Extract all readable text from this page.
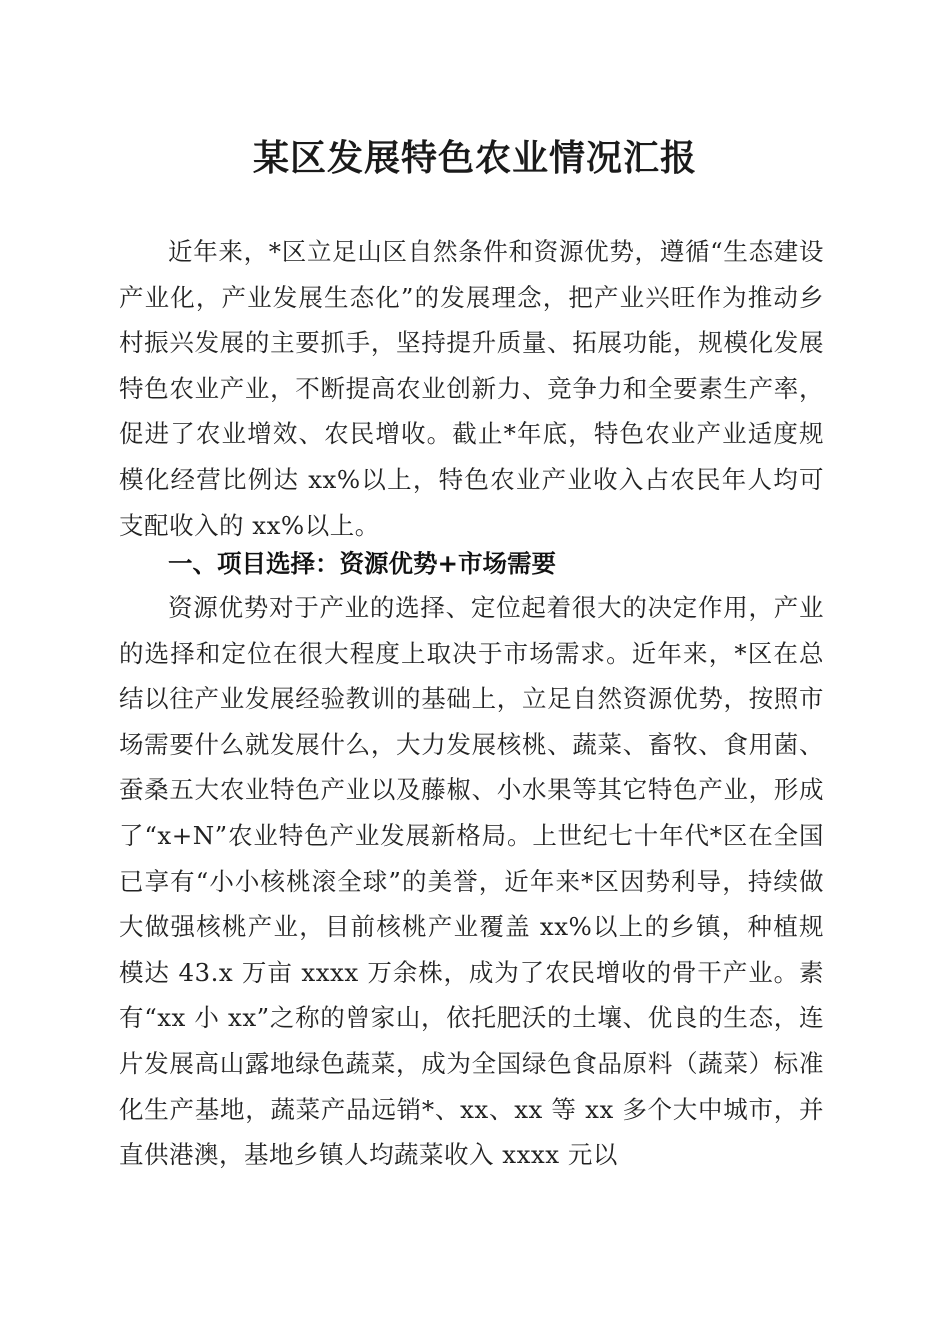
某区发展特色农业情况汇报

近年来，*区立足山区自然条件和资源优势，遵循“生态建设产业化，产业发展生态化”的发展理念，把产业兴旺作为推动乡村振兴发展的主要抓手，坚持提升质量、拓展功能，规模化发展特色农业产业，不断提高农业创新力、竞争力和全要素生产率，促进了农业增效、农民增收。截止*年底，特色农业产业适度规模化经营比例达 xx%以上，特色农业产业收入占农民年人均可支配收入的 xx%以上。

一、项目选择：资源优势+市场需要

资源优势对于产业的选择、定位起着很大的决定作用，产业的选择和定位在很大程度上取决于市场需求。近年来，*区在总结以往产业发展经验教训的基础上，立足自然资源优势，按照市场需要什么就发展什么，大力发展核桃、蔬菜、畜牧、食用菌、蚕桑五大农业特色产业以及藤椒、小水果等其它特色产业，形成了“x+N”农业特色产业发展新格局。上世纪七十年代*区在全国已享有“小小核桃滚全球”的美誉，近年来*区因势利导，持续做大做强核桃产业，目前核桃产业覆盖 xx%以上的乡镇，种植规模达 43.x 万亩 xxxx 万余株，成为了农民增收的骨干产业。素有“xx 小 xx”之称的曾家山，依托肥沃的土壤、优良的生态，连片发展高山露地绿色蔬菜，成为全国绿色食品原料（蔬菜）标准化生产基地，蔬菜产品远销*、xx、xx 等 xx 多个大中城市，并直供港澳，基地乡镇人均蔬菜收入 xxxx 元以
